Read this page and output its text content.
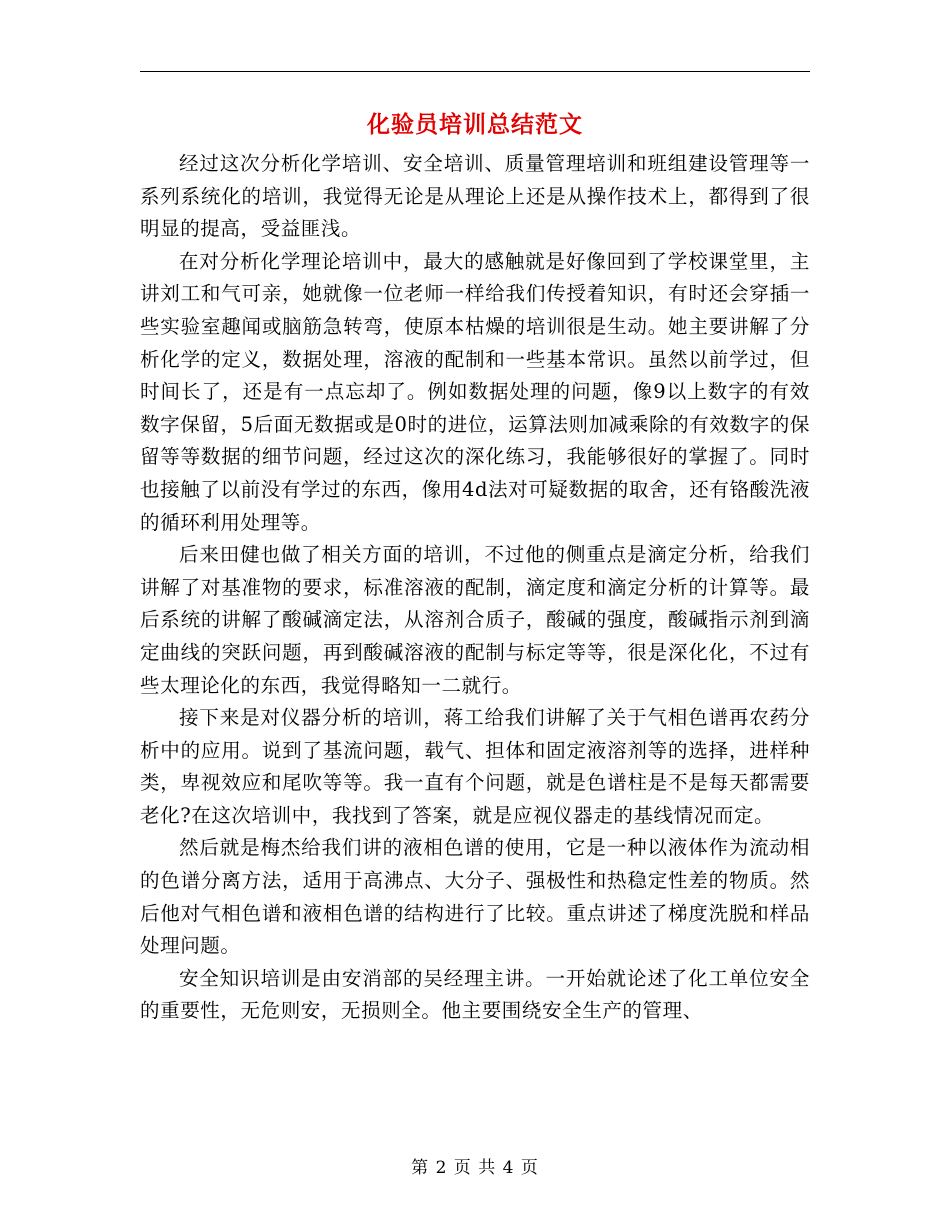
化验员培训总结范文

经过这次分析化学培训、安全培训、质量管理培训和班组建设管理等一系列系统化的培训，我觉得无论是从理论上还是从操作技术上，都得到了很明显的提高，受益匪浅。

在对分析化学理论培训中，最大的感触就是好像回到了学校课堂里，主讲刘工和气可亲，她就像一位老师一样给我们传授着知识，有时还会穿插一些实验室趣闻或脑筋急转弯，使原本枯燥的培训很是生动。她主要讲解了分析化学的定义，数据处理，溶液的配制和一些基本常识。虽然以前学过，但时间长了，还是有一点忘却了。例如数据处理的问题，像9以上数字的有效数字保留，5后面无数据或是0时的进位，运算法则加减乘除的有效数字的保留等等数据的细节问题，经过这次的深化练习，我能够很好的掌握了。同时也接触了以前没有学过的东西，像用4d法对可疑数据的取舍，还有铬酸洗液的循环利用处理等。

后来田健也做了相关方面的培训，不过他的侧重点是滴定分析，给我们讲解了对基准物的要求，标准溶液的配制，滴定度和滴定分析的计算等。最后系统的讲解了酸碱滴定法，从溶剂合质子，酸碱的强度，酸碱指示剂到滴定曲线的突跃问题，再到酸碱溶液的配制与标定等等，很是深化化，不过有些太理论化的东西，我觉得略知一二就行。

接下来是对仪器分析的培训，蒋工给我们讲解了关于气相色谱再农药分析中的应用。说到了基流问题，载气、担体和固定液溶剂等的选择，进样种类，卑视效应和尾吹等等。我一直有个问题，就是色谱柱是不是每天都需要老化?在这次培训中，我找到了答案，就是应视仪器走的基线情况而定。

然后就是梅杰给我们讲的液相色谱的使用，它是一种以液体作为流动相的色谱分离方法，适用于高沸点、大分子、强极性和热稳定性差的物质。然后他对气相色谱和液相色谱的结构进行了比较。重点讲述了梯度洗脱和样品处理问题。

安全知识培训是由安消部的吴经理主讲。一开始就论述了化工单位安全的重要性，无危则安，无损则全。他主要围绕安全生产的管理、

第 2 页 共 4 页
